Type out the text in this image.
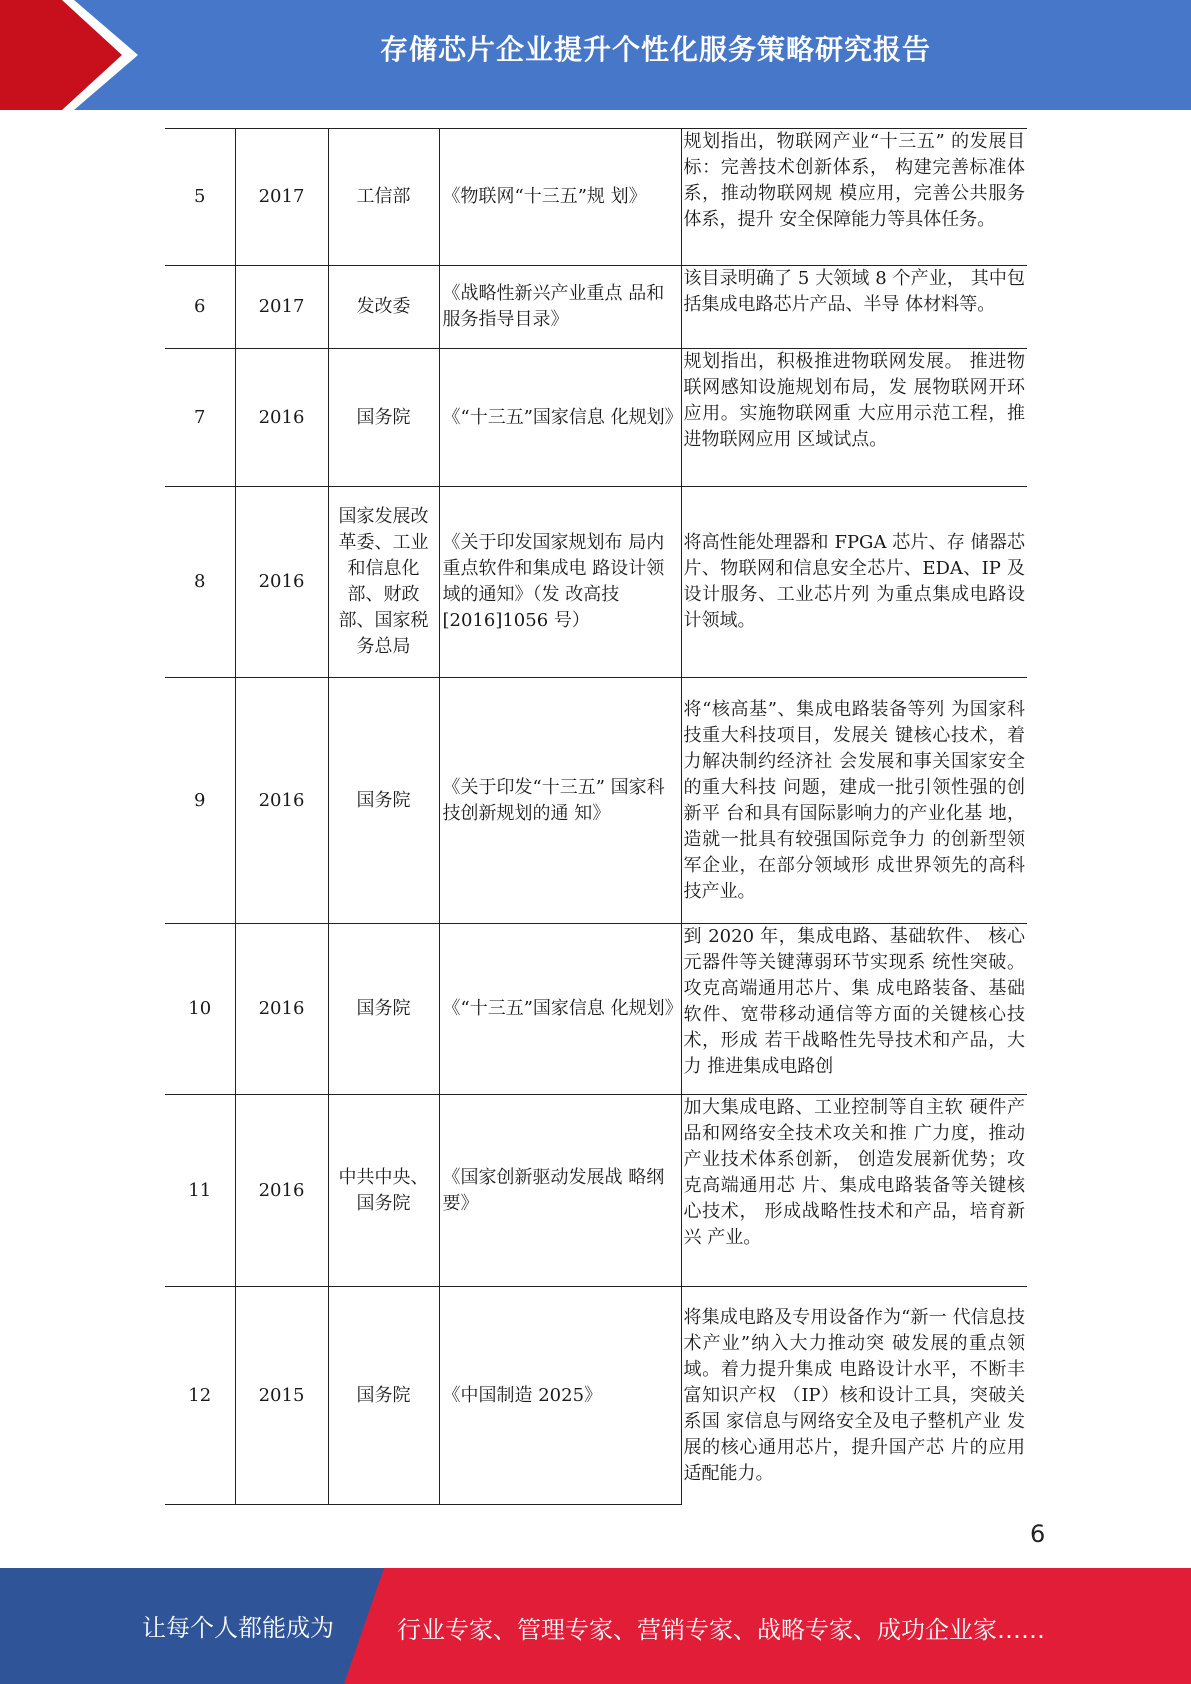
存储芯片企业提升个性化服务策略研究报告
5	2017	工信部	《物联网“十三五”规 划》	规划指出，物联网产业“十三五” 的发展目标：完善技术创新体系， 构建完善标准体系，推动物联网规 模应用，完善公共服务体系，提升 安全保障能力等具体任务。
6	2017	发改委	《战略性新兴产业重点 品和服务指导目录》	该目录明确了 5 大领域 8 个产业， 其中包括集成电路芯片产品、半导 体材料等。
7	2016	国务院	《“十三五”国家信息 化规划》	规划指出，积极推进物联网发展。 推进物联网感知设施规划布局，发 展物联网开环应用。实施物联网重 大应用示范工程，推进物联网应用 区域试点。
8	2016	国家发展改革委、工业和信息化部、财政部、国家税务总局	《关于印发国家规划布 局内重点软件和集成电 路设计领域的通知》（发 改高技[2016]1056 号）	将高性能处理器和 FPGA 芯片、存 储器芯片、物联网和信息安全芯片、EDA、IP 及设计服务、工业芯片列 为重点集成电路设计领域。
9	2016	国务院	《关于印发“十三五” 国家科技创新规划的通 知》	将“核高基”、集成电路装备等列 为国家科技重大科技项目，发展关 键核心技术，着力解决制约经济社 会发展和事关国家安全的重大科技 问题，建成一批引领性强的创新平 台和具有国际影响力的产业化基 地，造就一批具有较强国际竞争力 的创新型领军企业，在部分领域形 成世界领先的高科技产业。
10	2016	国务院	《“十三五”国家信息 化规划》	到 2020 年，集成电路、基础软件、 核心元器件等关键薄弱环节实现系 统性突破。攻克高端通用芯片、集 成电路装备、基础软件、宽带移动通信等方面的关键核心技术，形成 若干战略性先导技术和产品，大力 推进集成电路创
11	2016	中共中央、国务院	《国家创新驱动发展战 略纲要》	加大集成电路、工业控制等自主软 硬件产品和网络安全技术攻关和推 广力度，推动产业技术体系创新， 创造发展新优势；攻克高端通用芯 片、集成电路装备等关键核心技术， 形成战略性技术和产品，培育新兴 产业。
12	2015	国务院	《中国制造 2025》	将集成电路及专用设备作为“新一 代信息技术产业”纳入大力推动突 破发展的重点领域。着力提升集成 电路设计水平，不断丰富知识产权 （IP）核和设计工具，突破关系国 家信息与网络安全及电子整机产业 发展的核心通用芯片，提升国产芯 片的应用适配能力。
6
让每个人都能成为	行业专家、管理专家、营销专家、战略专家、成功企业家……
